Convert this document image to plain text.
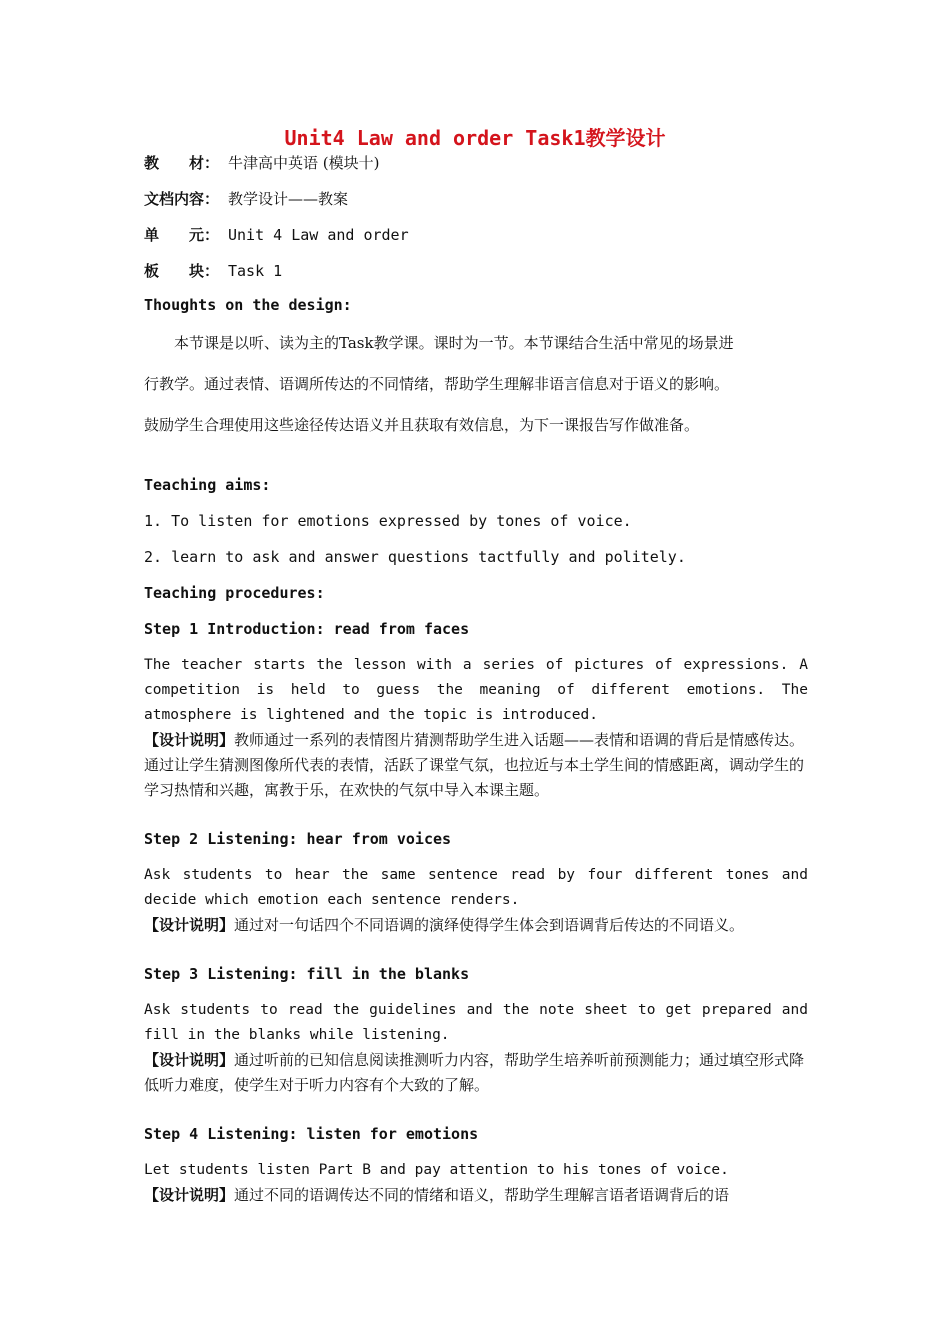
Unit4 Law and order Task1教学设计
教　　材： 牛津高中英语 (模块十)
文档内容： 教学设计——教案
单　　元： Unit 4 Law and order
板　　块： Task 1
Thoughts on the design:
　　本节课是以听、读为主的Task教学课。课时为一节。本节课结合生活中常见的场景进
行教学。通过表情、语调所传达的不同情绪，帮助学生理解非语言信息对于语义的影响。
鼓励学生合理使用这些途径传达语义并且获取有效信息，为下一课报告写作做准备。
Teaching aims:
1. To listen for emotions expressed by tones of voice.
2. learn to ask and answer questions tactfully and politely.
Teaching procedures:
Step 1 Introduction: read from faces
The teacher starts the lesson with a series of pictures of expressions. A competition is held to guess the meaning of different emotions. The atmosphere is lightened and the topic is introduced.
【设计说明】教师通过一系列的表情图片猜测帮助学生进入话题——表情和语调的背后是情感传达。通过让学生猜测图像所代表的表情，活跃了课堂气氛，也拉近与本土学生间的情感距离，调动学生的学习热情和兴趣，寓教于乐，在欢快的气氛中导入本课主题。
Step 2 Listening: hear from voices
Ask students to hear the same sentence read by four different tones and decide which emotion each sentence renders.
【设计说明】通过对一句话四个不同语调的演绎使得学生体会到语调背后传达的不同语义。
Step 3 Listening: fill in the blanks
Ask students to read the guidelines and the note sheet to get prepared and fill in the blanks while listening.
【设计说明】通过听前的已知信息阅读推测听力内容，帮助学生培养听前预测能力；通过填空形式降低听力难度，使学生对于听力内容有个大致的了解。
Step 4 Listening: listen for emotions
Let students listen Part B and pay attention to his tones of voice.
【设计说明】通过不同的语调传达不同的情绪和语义，帮助学生理解言语者语调背后的语
